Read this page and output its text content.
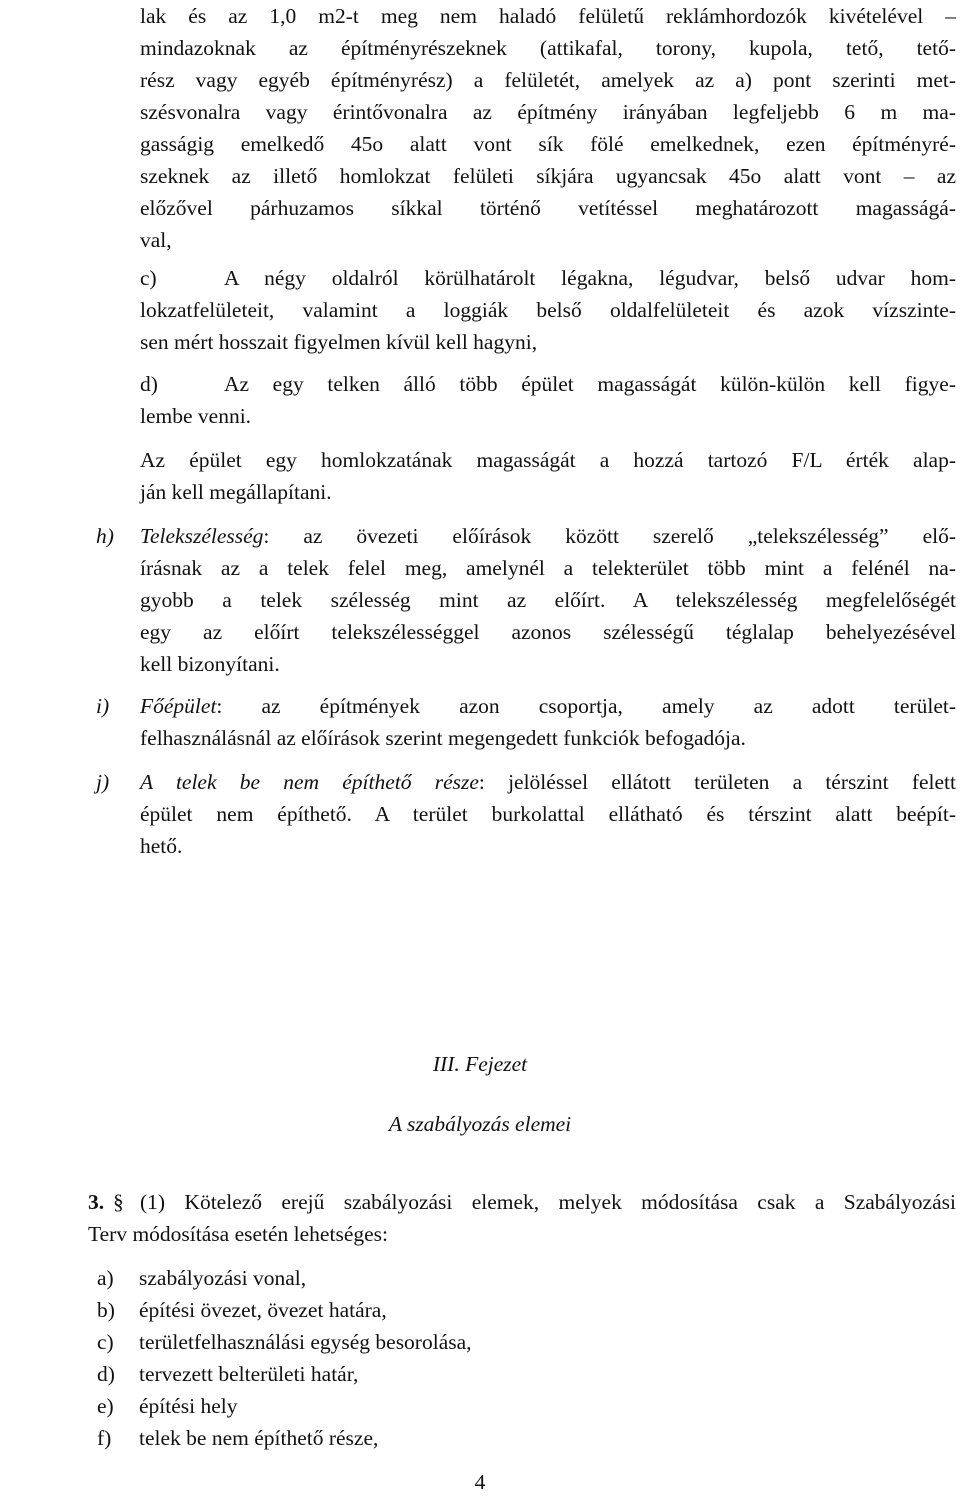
lak és az 1,0 m2-t meg nem haladó felületű reklámhordozók kivételével –
mindazoknak az építményrészeknek (attikafal, torony, kupola, tető, tető-
rész vagy egyéb építményrész) a felületét, amelyek az a) pont szerinti met-
szésvonalra vagy érintővonalra az építmény irányában legfeljebb 6 m ma-
gasságig emelkedő 45o alatt vont sík fölé emelkednek, ezen építményré-
szeknek az illető homlokzat felületi síkjára ugyancsak 45o alatt vont – az
előzővel párhuzamos síkkal történő vetítéssel meghatározott magasságá-
val,
c)	A négy oldalról körülhatárolt légakna, légudvar, belső udvar hom-
lokzatfelületeit, valamint a loggiák belső oldalfelületeit és azok vízszinte-
sen mért hosszait figyelmen kívül kell hagyni,
d)	Az egy telken álló több épület magasságát külön-külön kell figye-
lembe venni.
Az épület egy homlokzatának magasságát a hozzá tartozó F/L érték alap-
ján kell megállapítani.
h) Telekszélesség: az övezeti előírások között szerelő „telekszélesség” elő-
írásnak az a telek felel meg, amelynél a telekterület több mint a felénél na-
gyobb a telek szélesség mint az előírt. A telekszélesség megfelelőségét
egy az előírt telekszélességgel azonos szélességű téglalap behelyezésével
kell bizonyítani.
i) Főépület: az építmények azon csoportja, amely az adott terület-
felhasználásnál az előírások szerint megengedett funkciók befogadója.
j) A telek be nem építhető része: jelöléssel ellátott területen a térszint felett
épület nem építhető. A terület burkolattal ellátható és térszint alatt beépít-
hető.
III. Fejezet
A szabályozás elemei
3. § (1) Kötelező erejű szabályozási elemek, melyek módosítása csak a Szabályozási
Terv módosítása esetén lehetséges:
a) szabályozási vonal,
b) építési övezet, övezet határa,
c) területfelhasználási egység besorolása,
d) tervezett belterületi határ,
e) építési hely
f) telek be nem építhető része,
4
